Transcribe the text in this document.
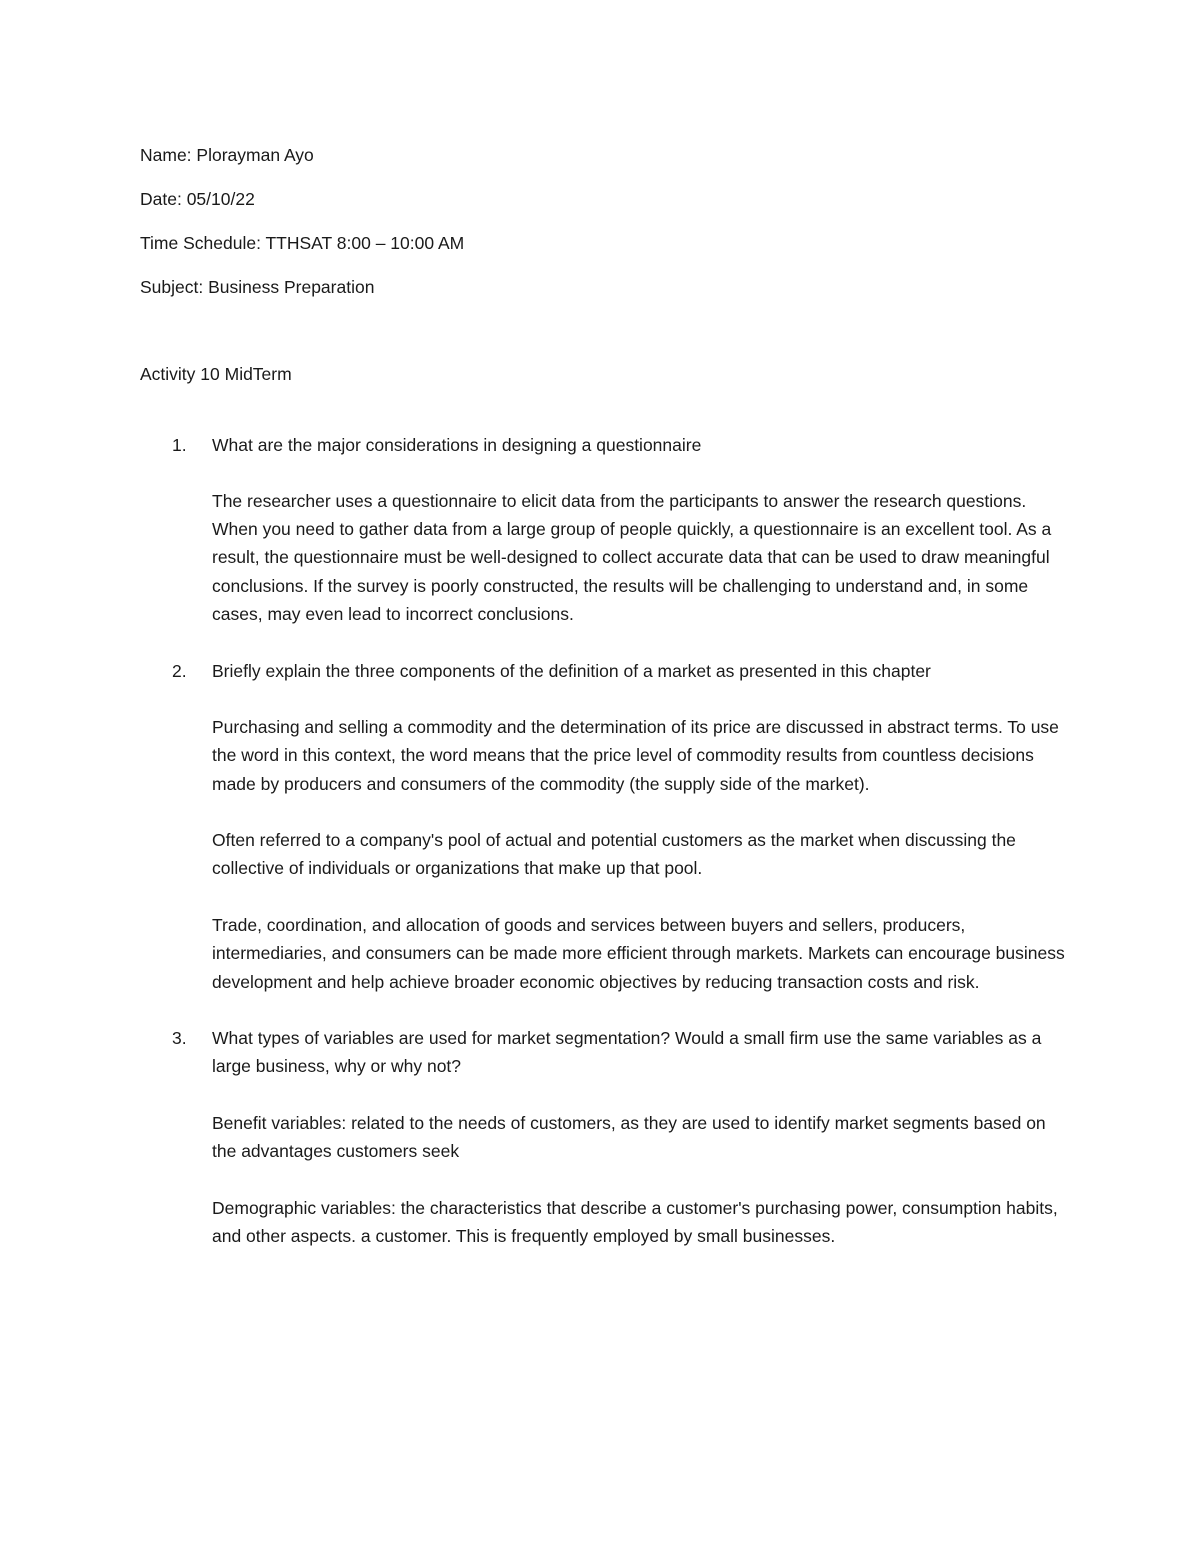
Name: Plorayman Ayo

Date: 05/10/22

Time Schedule: TTHSAT 8:00 – 10:00 AM

Subject: Business Preparation

Activity 10 MidTerm

1. What are the major considerations in designing a questionnaire

The researcher uses a questionnaire to elicit data from the participants to answer the research questions. When you need to gather data from a large group of people quickly, a questionnaire is an excellent tool. As a result, the questionnaire must be well-designed to collect accurate data that can be used to draw meaningful conclusions. If the survey is poorly constructed, the results will be challenging to understand and, in some cases, may even lead to incorrect conclusions.

2. Briefly explain the three components of the definition of a market as presented in this chapter

Purchasing and selling a commodity and the determination of its price are discussed in abstract terms. To use the word in this context, the word means that the price level of commodity results from countless decisions made by producers and consumers of the commodity (the supply side of the market).

Often referred to a company's pool of actual and potential customers as the market when discussing the collective of individuals or organizations that make up that pool.

Trade, coordination, and allocation of goods and services between buyers and sellers, producers, intermediaries, and consumers can be made more efficient through markets. Markets can encourage business development and help achieve broader economic objectives by reducing transaction costs and risk.

3. What types of variables are used for market segmentation? Would a small firm use the same variables as a large business, why or why not?

Benefit variables: related to the needs of customers, as they are used to identify market segments based on the advantages customers seek

Demographic variables: the characteristics that describe a customer's purchasing power, consumption habits, and other aspects. a customer. This is frequently employed by small businesses.
